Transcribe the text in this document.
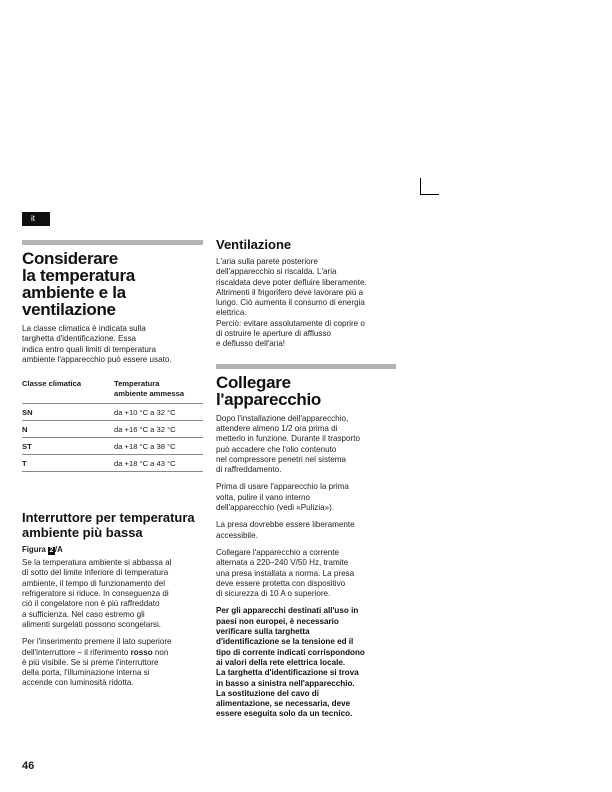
it
Considerare
la temperatura
ambiente e la
ventilazione
La classe climatica è indicata sulla
targhetta d'identificazione. Essa
indica entro quali limiti di temperatura
ambiente l'apparecchio può essere usato.
Classe climatica	Temperatura
ambiente ammessa

SN	da +10 °C a 32 °C
N	da +16 °C a 32 °C
ST	da +18 °C a 38 °C
T	da +18 °C a 43 °C
Interruttore per temperatura
ambiente più bassa
Figura 2 /A
Se la temperatura ambiente si abbassa al
di sotto del limite inferiore di temperatura
ambiente, il tempo di funzionamento del
refrigeratore si riduce. In conseguenza di
ciò il congelatore non è più raffreddato
a sufficienza. Nel caso estremo gli
alimenti surgelati possono scongelarsi.
Per l'inserimento premere il lato superiore
dell'interruttore – il riferimento rosso non
è più visibile. Se si preme l'interruttore
della porta, l'illuminazione interna si
accende con luminosità ridotta.
Ventilazione
L'aria sulla parete posteriore
dell'apparecchio si riscalda. L'aria
riscaldata deve poter defluire liberamente.
Altrimenti il frigorifero deve lavorare più a
lungo. Ciò aumenta il consumo di energia
elettrica.
Perciò: evitare assolutamente di coprire o
di ostruire le aperture di afflusso
e deflusso dell'aria!
Collegare
l'apparecchio
Dopo l'installazione dell'apparecchio,
attendere almeno 1/2 ora prima di
metterlo in funzione. Durante il trasporto
può accadere che l'olio contenuto
nel compressore penetri nel sistema
di raffreddamento.
Prima di usare l'apparecchio la prima
volta, pulire il vano interno
dell'apparecchio (vedi «Pulizia»).
La presa dovrebbe essere liberamente
accessibile.
Collegare l'apparecchio a corrente
alternata a 220–240 V/50 Hz, tramite
una presa installata a norma. La presa
deve essere protetta con dispositivo
di sicurezza di 10 A o superiore.
Per gli apparecchi destinati all'uso in
paesi non europei, è necessario
verificare sulla targhetta
d'identificazione se la tensione ed il
tipo di corrente indicati corrispondono
ai valori della rete elettrica locale.
La targhetta d'identificazione si trova
in basso a sinistra nell'apparecchio.
La sostituzione del cavo di
alimentazione, se necessaria, deve
essere eseguita solo da un tecnico.
46
